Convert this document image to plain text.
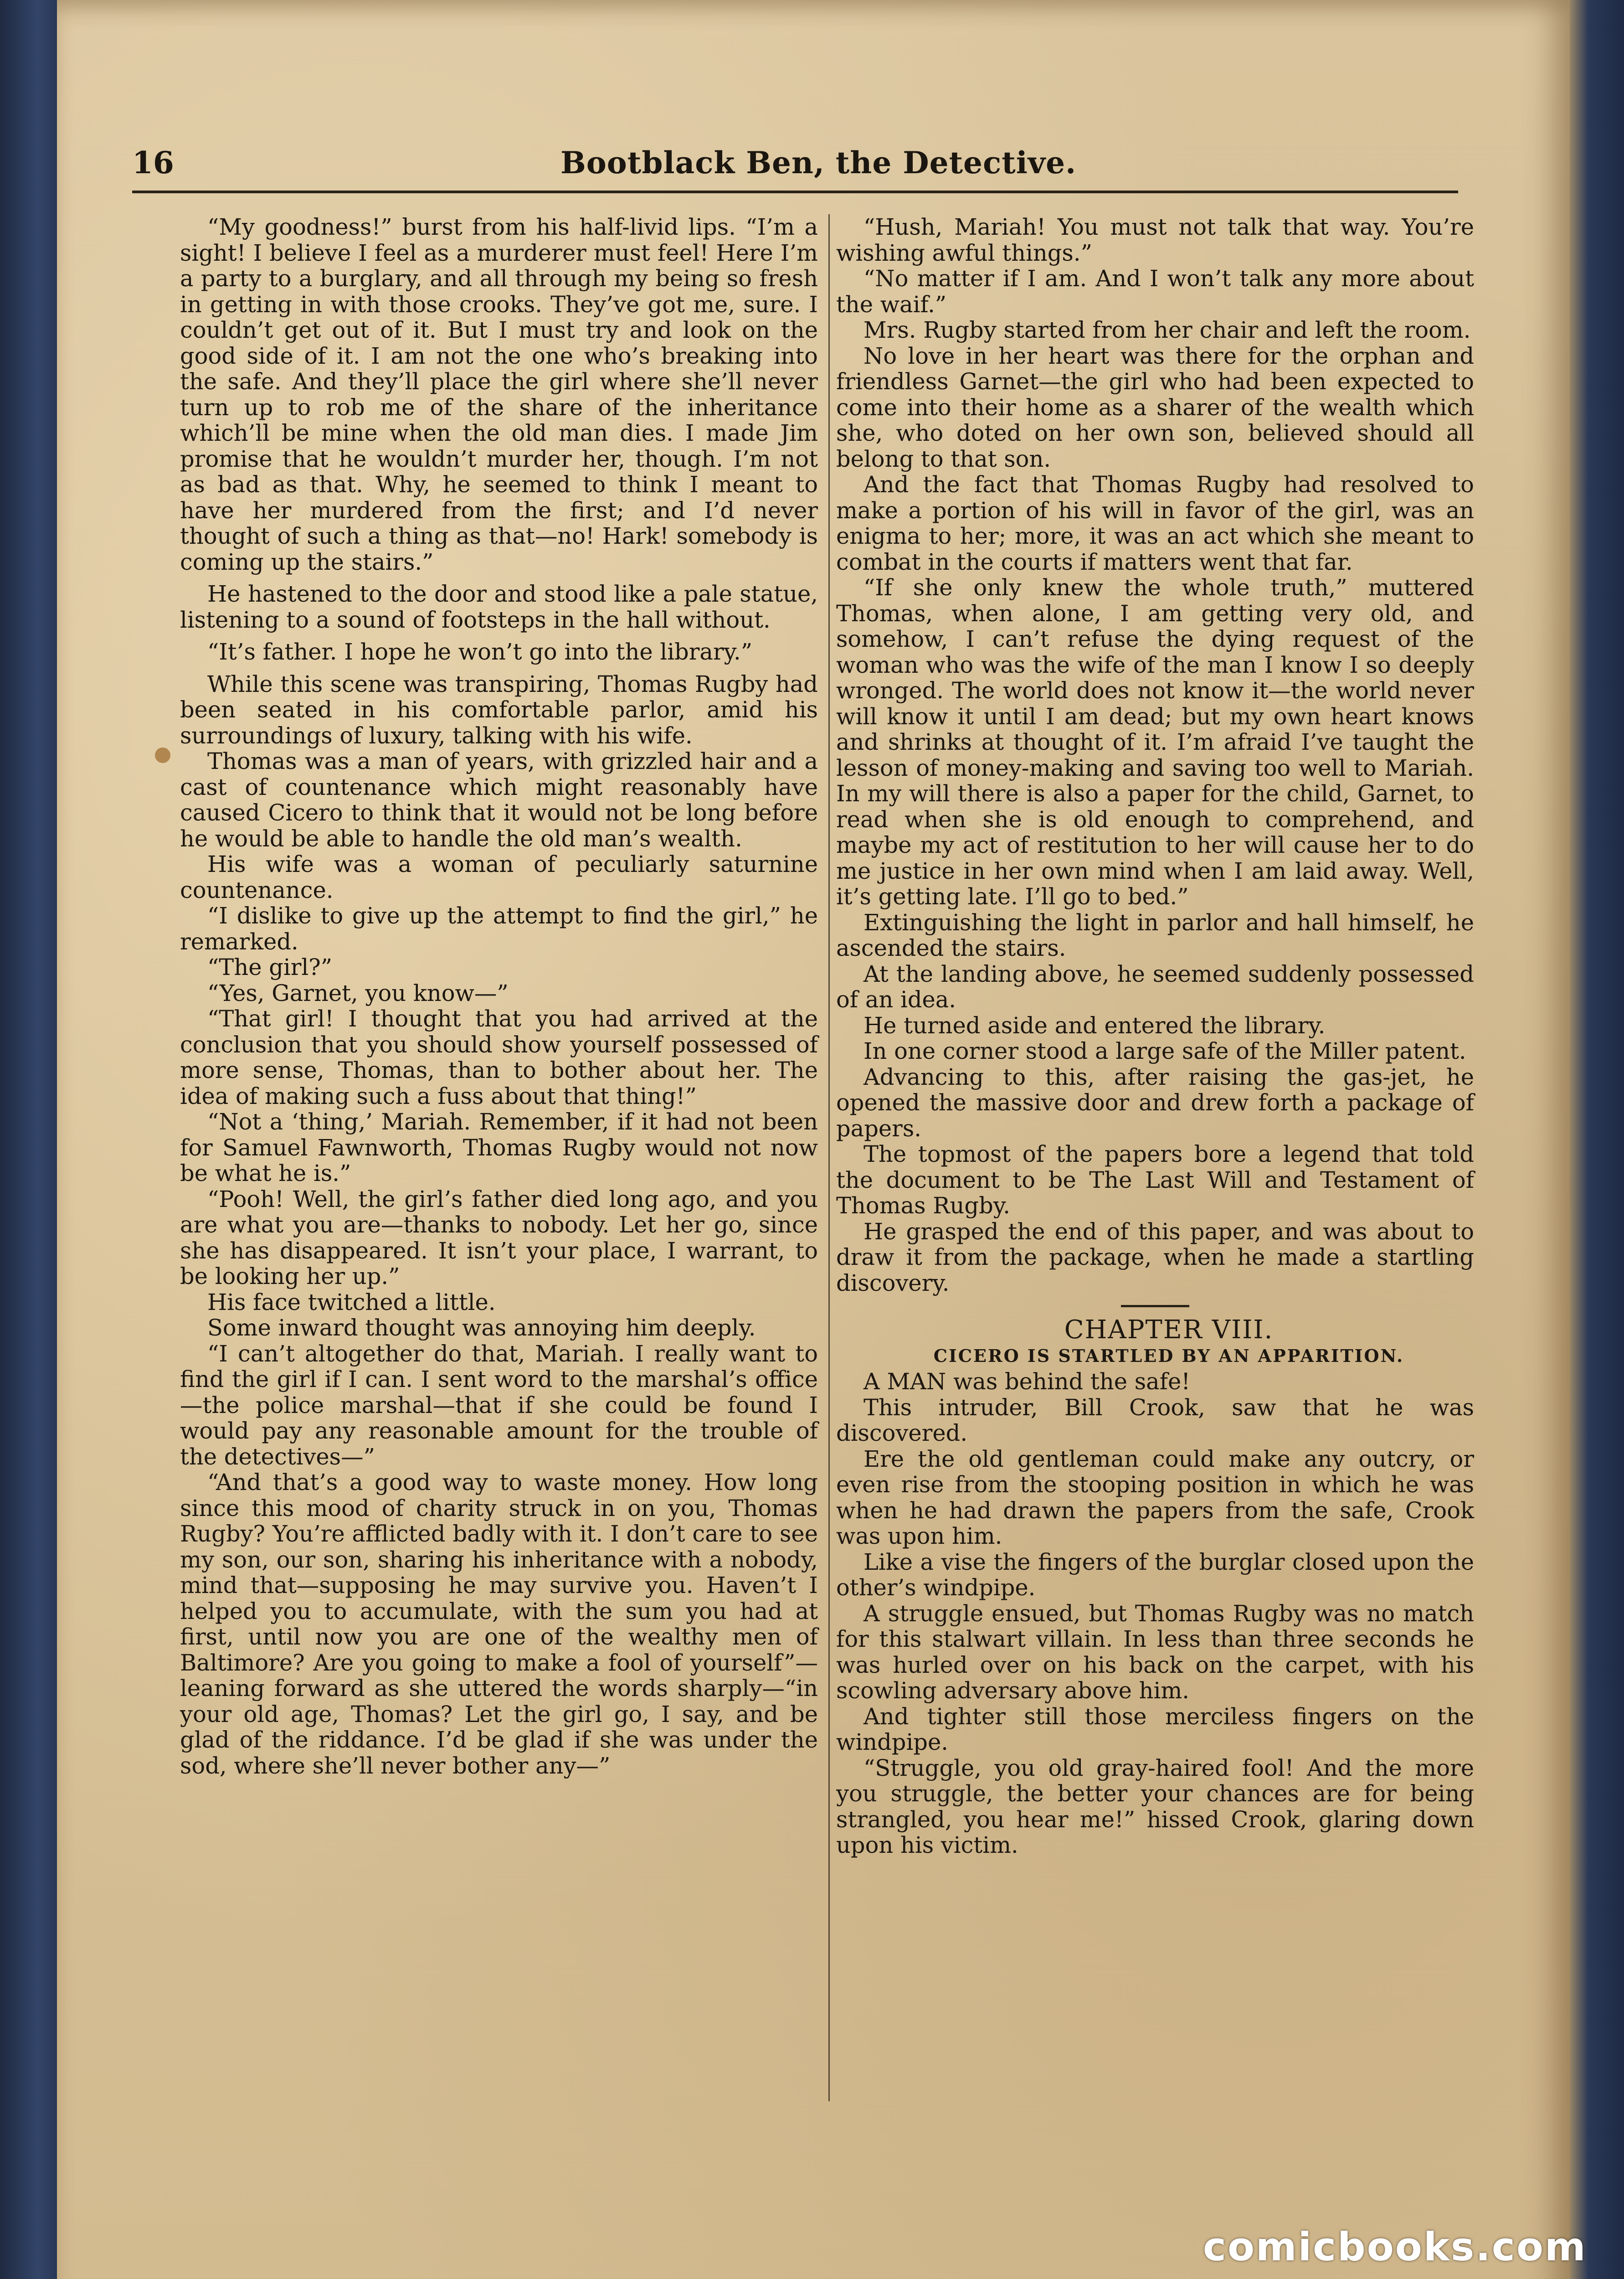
16	Bootblack Ben, the Detective.

“My goodness!” burst from his half-livid lips. “I’m a sight! I believe I feel as a murderer must feel! Here I’m a party to a burglary, and all through my being so fresh in getting in with those crooks. They’ve got me, sure. I couldn’t get out of it. But I must try and look on the good side of it. I am not the one who’s breaking into the safe. And they’ll place the girl where she’ll never turn up to rob me of the share of the inheritance which’ll be mine when the old man dies. I made Jim promise that he wouldn’t murder her, though. I’m not as bad as that. Why, he seemed to think I meant to have her murdered from the first; and I’d never thought of such a thing as that—no! Hark! somebody is coming up the stairs.”

He hastened to the door and stood like a pale statue, listening to a sound of footsteps in the hall without.

“It’s father. I hope he won’t go into the library.”

While this scene was transpiring, Thomas Rugby had been seated in his comfortable parlor, amid his surroundings of luxury, talking with his wife.

Thomas was a man of years, with grizzled hair and a cast of countenance which might reasonably have caused Cicero to think that it would not be long before he would be able to handle the old man’s wealth.

His wife was a woman of peculiarly saturnine countenance.

“I dislike to give up the attempt to find the girl,” he remarked.

“The girl?”

“Yes, Garnet, you know—”

“That girl! I thought that you had arrived at the conclusion that you should show yourself possessed of more sense, Thomas, than to bother about her. The idea of making such a fuss about that thing!”

“Not a ‘thing,’ Mariah. Remember, if it had not been for Samuel Fawnworth, Thomas Rugby would not now be what he is.”

“Pooh! Well, the girl’s father died long ago, and you are what you are—thanks to nobody. Let her go, since she has disappeared. It isn’t your place, I warrant, to be looking her up.”

His face twitched a little.

Some inward thought was annoying him deeply.

“I can’t altogether do that, Mariah. I really want to find the girl if I can. I sent word to the marshal’s office—the police marshal—that if she could be found I would pay any reasonable amount for the trouble of the detectives—”

“And that’s a good way to waste money. How long since this mood of charity struck in on you, Thomas Rugby? You’re afflicted badly with it. I don’t care to see my son, our son, sharing his inheritance with a nobody, mind that—supposing he may survive you. Haven’t I helped you to accumulate, with the sum you had at first, until now you are one of the wealthy men of Baltimore? Are you going to make a fool of yourself”—leaning forward as she uttered the words sharply—“in your old age, Thomas? Let the girl go, I say, and be glad of the riddance. I’d be glad if she was under the sod, where she’ll never bother any—”

“Hush, Mariah! You must not talk that way. You’re wishing awful things.”

“No matter if I am. And I won’t talk any more about the waif.”

Mrs. Rugby started from her chair and left the room.

No love in her heart was there for the orphan and friendless Garnet—the girl who had been expected to come into their home as a sharer of the wealth which she, who doted on her own son, believed should all belong to that son.

And the fact that Thomas Rugby had resolved to make a portion of his will in favor of the girl, was an enigma to her; more, it was an act which she meant to combat in the courts if matters went that far.

“If she only knew the whole truth,” muttered Thomas, when alone, I am getting very old, and somehow, I can’t refuse the dying request of the woman who was the wife of the man I know I so deeply wronged. The world does not know it—the world never will know it until I am dead; but my own heart knows and shrinks at thought of it. I’m afraid I’ve taught the lesson of money-making and saving too well to Mariah. In my will there is also a paper for the child, Garnet, to read when she is old enough to comprehend, and maybe my act of restitution to her will cause her to do me justice in her own mind when I am laid away. Well, it’s getting late. I’ll go to bed.”

Extinguishing the light in parlor and hall himself, he ascended the stairs.

At the landing above, he seemed suddenly possessed of an idea.

He turned aside and entered the library.

In one corner stood a large safe of the Miller patent.

Advancing to this, after raising the gas-jet, he opened the massive door and drew forth a package of papers.

The topmost of the papers bore a legend that told the document to be The Last Will and Testament of Thomas Rugby.

He grasped the end of this paper, and was about to draw it from the package, when he made a startling discovery.

CHAPTER VIII.

CICERO IS STARTLED BY AN APPARITION.

A MAN was behind the safe!

This intruder, Bill Crook, saw that he was discovered.

Ere the old gentleman could make any outcry, or even rise from the stooping position in which he was when he had drawn the papers from the safe, Crook was upon him.

Like a vise the fingers of the burglar closed upon the other’s windpipe.

A struggle ensued, but Thomas Rugby was no match for this stalwart villain. In less than three seconds he was hurled over on his back on the carpet, with his scowling adversary above him.

And tighter still those merciless fingers on the windpipe.

“Struggle, you old gray-haired fool! And the more you struggle, the better your chances are for being strangled, you hear me!” hissed Crook, glaring down upon his victim.

comicbooks.com
